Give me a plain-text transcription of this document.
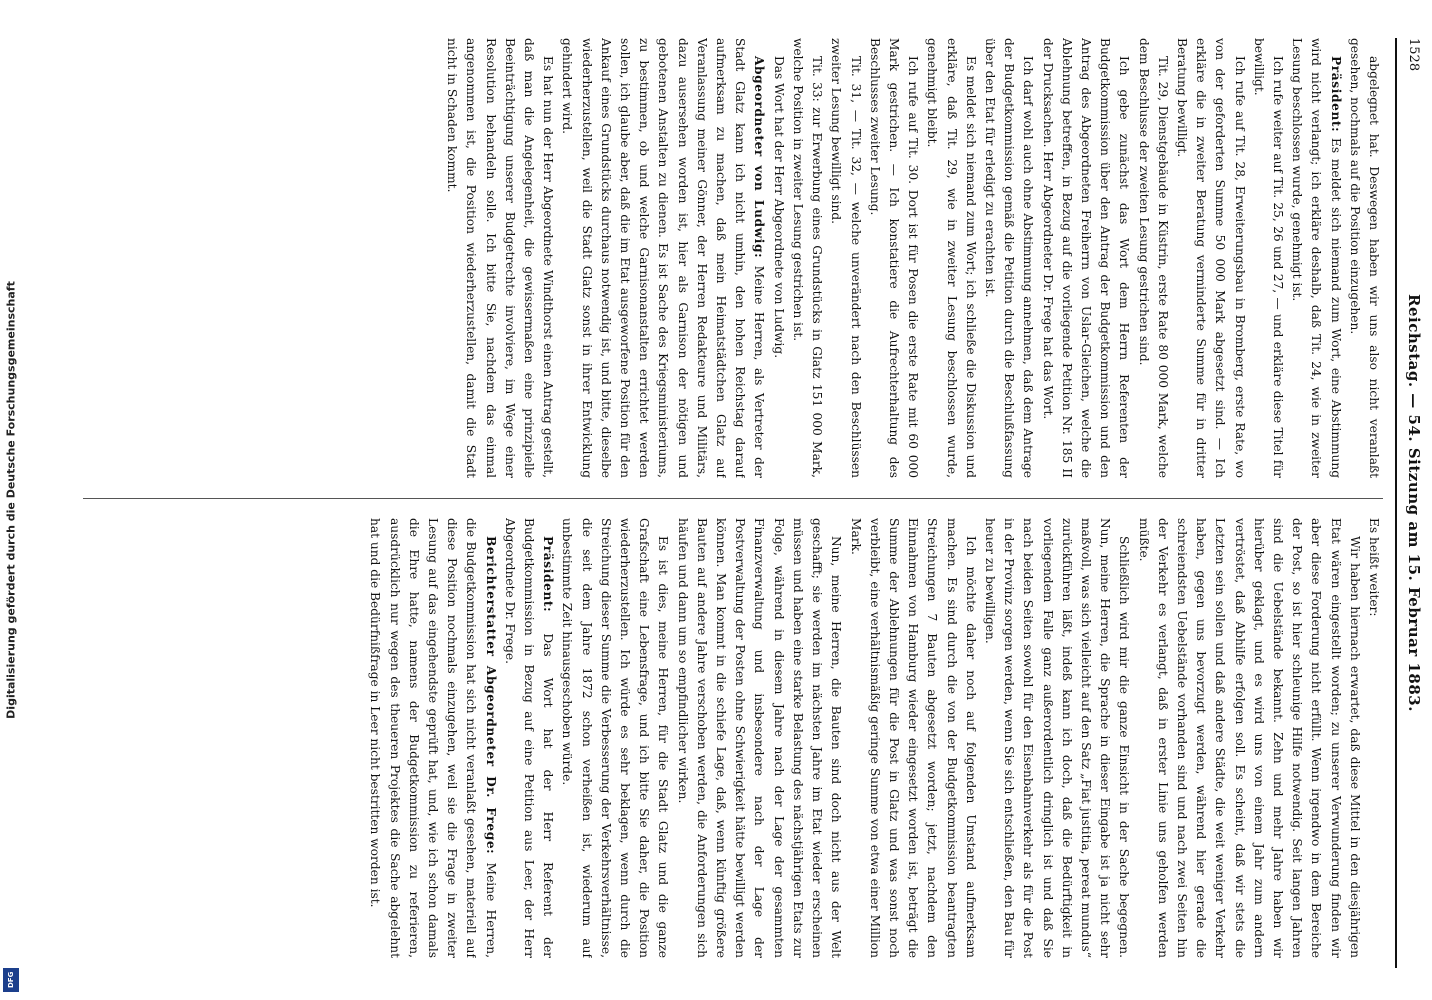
Digitalisierung gefördert durch die Deutsche Forschungsgemeinschaft
DFG
1528
Reichstag. — 54. Sitzung am 15. Februar 1883.

abgelegnet hat. Deswegen haben wir uns also nicht veranlaßt gesehen, nochmals auf die Position einzugehen.

Präsident: Es meldet sich niemand zum Wort, eine Abstimmung wird nicht verlangt; ich erkläre deshalb, daß Tit. 24, wie in zweiter Lesung beschlossen wurde, genehmigt ist.

Ich rufe weiter auf Tit. 25, 26 und 27, — und erkläre diese Titel für bewilligt.

Ich rufe auf Tit. 28, Erweiterungsbau in Bromberg, erste Rate, wo von der geforderten Summe 50 000 Mark abgesetzt sind. — Ich erkläre die in zweiter Beratung verminderte Summe für in dritter Beratung bewilligt.

Tit. 29, Dienstgebäude in Küstrin, erste Rate 80 000 Mark, welche dem Beschlusse der zweiten Lesung gestrichen sind.

Ich gebe zunächst das Wort dem Herrn Referenten der Budgetkommission über den Antrag der Budgetkommission und den Antrag des Abgeordneten Freiherrn von Uslar-Gleichen, welche die Ablehnung betreffen, in Bezug auf die vorliegende Petition Nr. 185 II der Drucksachen. Herr Abgeordneter Dr. Frege hat das Wort.

Ich darf wohl auch ohne Abstimmung annehmen, daß dem Antrage der Budgetkommission gemäß die Petition durch die Beschlußfassung über den Etat für erledigt zu erachten ist.

Es meldet sich niemand zum Wort; ich schließe die Diskussion und erkläre, daß Tit. 29, wie in zweiter Lesung beschlossen wurde, genehmigt bleibt.

Ich rufe auf Tit. 30. Dort ist für Posen die erste Rate mit 60 000 Mark gestrichen. — Ich konstatiere die Aufrechterhaltung des Beschlusses zweiter Lesung.

Tit. 31, — Tit. 32, — welche unverändert nach den Beschlüssen zweiter Lesung bewilligt sind.

Tit. 33: zur Erwerbung eines Grundstücks in Glatz 151 000 Mark, welche Position in zweiter Lesung gestrichen ist.

Das Wort hat der Herr Abgeordnete von Ludwig.

Abgeordneter von Ludwig: Meine Herren, als Vertreter der Stadt Glatz kann ich nicht umhin, den hohen Reichstag darauf aufmerksam zu machen, daß mein Heimatstädtchen Glatz auf Veranlassung meiner Gönner, der Herren Redakteure und Militärs, dazu ausersehen worden ist, hier als Garnison der nötigen und gebotenen Anstalten zu dienen. Es ist Sache des Kriegsministeriums, zu bestimmen, ob und welche Garnisonanstalten errichtet werden sollen, ich glaube aber, daß die im Etat ausgeworfene Position für den Ankauf eines Grundstücks durchaus notwendig ist, und bitte, dieselbe wiederherzustellen, weil die Stadt Glatz sonst in ihrer Entwicklung gehindert wird.

Es hat nun der Herr Abgeordnete Windthorst einen Antrag gestellt, daß man die Angelegenheit, die gewissermaßen eine prinzipielle Beeinträchtigung unserer Budgetrechte involviere, im Wege einer Resolution behandeln solle. Ich bitte Sie, nachdem das einmal angenommen ist, die Position wiederherzustellen, damit die Stadt nicht in Schaden kommt.

Es heißt weiter:

Wir haben hiernach erwartet, daß diese Mittel in den diesjährigen Etat wären eingestellt worden; zu unserer Verwunderung finden wir aber diese Forderung nicht erfüllt. Wenn irgendwo in dem Bereiche der Post, so ist hier schleunige Hilfe notwendig. Seit langen Jahren sind die Uebelstände bekannt. Zehn und mehr Jahre haben wir hierüber geklagt, und es wird uns von einem Jahr zum andern vertröstet, daß Abhilfe erfolgen soll. Es scheint, daß wir stets die Letzten sein sollen und daß andere Städte, die weit weniger Verkehr haben, gegen uns bevorzugt werden, während hier gerade die schreiendsten Uebelstände vorhanden sind und nach zwei Seiten hin der Verkehr es verlangt, daß in erster Linie uns geholfen werden müßte.

Schließlich wird mir die ganze Einsicht in der Sache begegnen. Nun, meine Herren, die Sprache in dieser Eingabe ist ja nicht sehr maßvoll, was sich vielleicht auf den Satz „Fiat justitia, pereat mundus“ zurückführen läßt, indeß kann ich doch, daß die Bedürftigkeit in vorliegendem Falle ganz außerordentlich dringlich ist und daß Sie nach beiden Seiten sowohl für den Eisenbahnverkehr als für die Post in der Provinz sorgen werden, wenn Sie sich entschließen, den Bau für heuer zu bewilligen.

Ich möchte daher noch auf folgenden Umstand aufmerksam machen. Es sind durch die von der Budgetkommission beantragten Streichungen 7 Bauten abgesetzt worden; jetzt, nachdem den Einnahmen von Hamburg wieder eingesetzt worden ist, beträgt die Summe der Ablehnungen für die Post in Glatz und was sonst noch verbleibt, eine verhältnismäßig geringe Summe von etwa einer Million Mark.

Nun, meine Herren, die Bauten sind doch nicht aus der Welt geschafft; sie werden im nächsten Jahre im Etat wieder erscheinen müssen und haben eine starke Belastung des nächstjährigen Etats zur Folge, während in diesem Jahre nach der Lage der gesammten Finanzverwaltung und insbesondere nach der Lage der Postverwaltung der Posten ohne Schwierigkeit hätte bewilligt werden können. Man kommt in die schiefe Lage, daß, wenn künftig größere Bauten auf andere Jahre verschoben werden, die Anforderungen sich häufen und dann um so empfindlicher wirken.

Es ist dies, meine Herren, für die Stadt Glatz und die ganze Grafschaft eine Lebensfrage, und ich bitte Sie daher, die Position wiederherzustellen. Ich würde es sehr beklagen, wenn durch die Streichung dieser Summe die Verbesserung der Verkehrsverhältnisse, die seit dem Jahre 1872 schon verheißen ist, wiederum auf unbestimmte Zeit hinausgeschoben würde.

Präsident: Das Wort hat der Herr Referent der Budgetkommission in Bezug auf eine Petition aus Leer, der Herr Abgeordnete Dr. Frege.

Berichterstatter Abgeordneter Dr. Frege: Meine Herren, die Budgetkommission hat sich nicht veranlaßt gesehen, materiell auf diese Position nochmals einzugehen, weil sie die Frage in zweiter Lesung auf das eingehendste geprüft hat, und, wie ich schon damals die Ehre hatte, namens der Budgetkommission zu referieren, ausdrücklich nur wegen des theueren Projektes die Sache abgelehnt hat und die Bedürfnißfrage in Leer nicht bestritten worden ist.
